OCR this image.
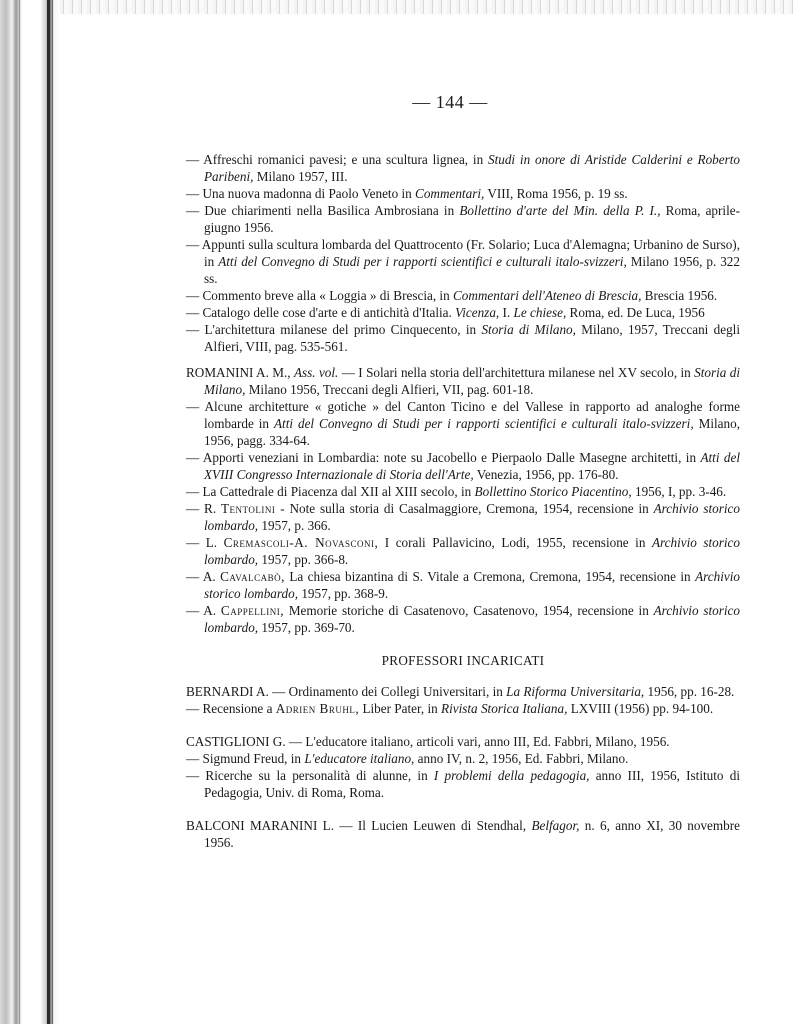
— 144 —
— Affreschi romanici pavesi; e una scultura lignea, in Studi in onore di Aristide Calderini e Roberto Paribeni, Milano 1957, III.
— Una nuova madonna di Paolo Veneto in Commentari, VIII, Roma 1956, p. 19 ss.
— Due chiarimenti nella Basilica Ambrosiana in Bollettino d'arte del Min. della P. I., Roma, aprile-giugno 1956.
— Appunti sulla scultura lombarda del Quattrocento (Fr. Solario; Luca d'Alemagna; Urbanino de Surso), in Atti del Convegno di Studi per i rapporti scientifici e culturali italo-svizzeri, Milano 1956, p. 322 ss.
— Commento breve alla « Loggia » di Brescia, in Commentari dell'Ateneo di Brescia, Brescia 1956.
— Catalogo delle cose d'arte e di antichità d'Italia. Vicenza, I. Le chiese, Roma, ed. De Luca, 1956
— L'architettura milanese del primo Cinquecento, in Storia di Milano, Milano, 1957, Treccani degli Alfieri, VIII, pag. 535-561.
ROMANINI A. M., Ass. vol. — I Solari nella storia dell'architettura milanese nel XV secolo, in Storia di Milano, Milano 1956, Treccani degli Alfieri, VII, pag. 601-18.
— Alcune architetture « gotiche » del Canton Ticino e del Vallese in rapporto ad analoghe forme lombarde in Atti del Convegno di Studi per i rapporti scientifici e culturali italo-svizzeri, Milano, 1956, pagg. 334-64.
— Apporti veneziani in Lombardia: note su Jacobello e Pierpaolo Dalle Masegne architetti, in Atti del XVIII Congresso Internazionale di Storia dell'Arte, Venezia, 1956, pp. 176-80.
— La Cattedrale di Piacenza dal XII al XIII secolo, in Bollettino Storico Piacentino, 1956, I, pp. 3-46.
— R. Tentolini - Note sulla storia di Casalmaggiore, Cremona, 1954, recensione in Archivio storico lombardo, 1957, p. 366.
— L. Cremascoli-A. Novasconi, I corali Pallavicino, Lodi, 1955, recensione in Archivio storico lombardo, 1957, pp. 366-8.
— A. Cavalcabò, La chiesa bizantina di S. Vitale a Cremona, Cremona, 1954, recensione in Archivio storico lombardo, 1957, pp. 368-9.
— A. Cappellini, Memorie storiche di Casatenovo, Casatenovo, 1954, recensione in Archivio storico lombardo, 1957, pp. 369-70.
PROFESSORI INCARICATI
BERNARDI A. — Ordinamento dei Collegi Universitari, in La Riforma Universitaria, 1956, pp. 16-28.
— Recensione a Adrien Bruhl, Liber Pater, in Rivista Storica Italiana, LXVIII (1956) pp. 94-100.
CASTIGLIONI G. — L'educatore italiano, articoli vari, anno III, Ed. Fabbri, Milano, 1956.
— Sigmund Freud, in L'educatore italiano, anno IV, n. 2, 1956, Ed. Fabbri, Milano.
— Ricerche su la personalità di alunne, in I problemi della pedagogia, anno III, 1956, Istituto di Pedagogia, Univ. di Roma, Roma.
BALCONI MARANINI L. — Il Lucien Leuwen di Stendhal, Belfagor, n. 6, anno XI, 30 novembre 1956.
